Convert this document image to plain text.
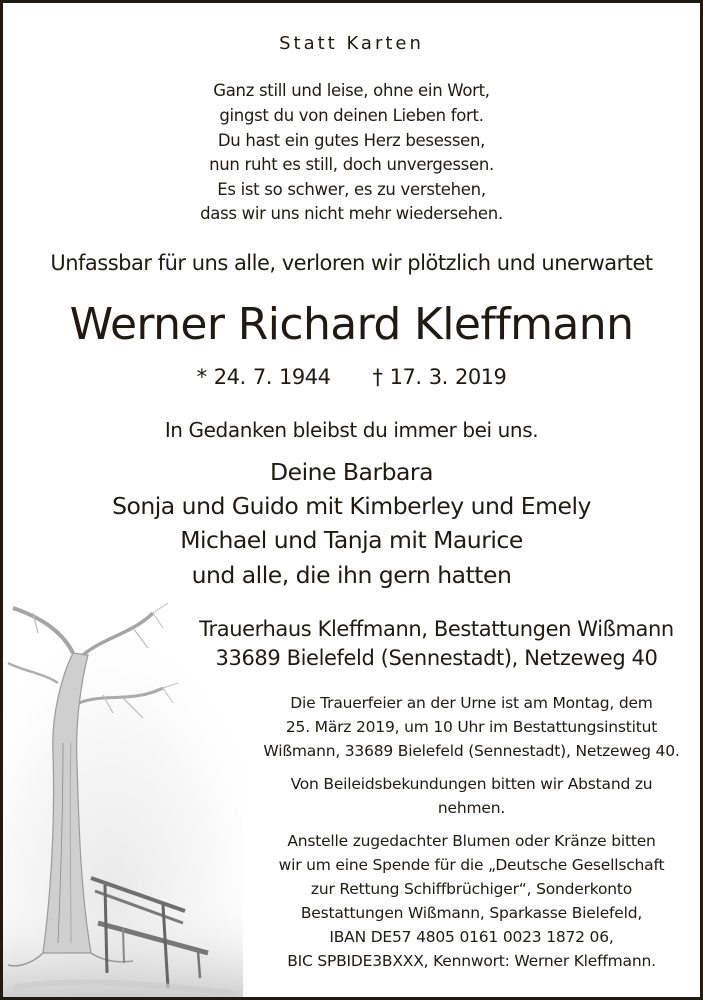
Statt Karten
Ganz still und leise, ohne ein Wort,
gingst du von deinen Lieben fort.
Du hast ein gutes Herz besessen,
nun ruht es still, doch unvergessen.
Es ist so schwer, es zu verstehen,
dass wir uns nicht mehr wiedersehen.
Unfassbar für uns alle, verloren wir plötzlich und unerwartet
Werner Richard Kleffmann
* 24. 7. 1944 † 17. 3. 2019
In Gedanken bleibst du immer bei uns.
Deine Barbara
Sonja und Guido mit Kimberley und Emely
Michael und Tanja mit Maurice
und alle, die ihn gern hatten
Trauerhaus Kleffmann, Bestattungen Wißmann
33689 Bielefeld (Sennestadt), Netzeweg 40
Die Trauerfeier an der Urne ist am Montag, dem
25. März 2019, um 10 Uhr im Bestattungsinstitut
Wißmann, 33689 Bielefeld (Sennestadt), Netzeweg 40.
Von Beileidsbekundungen bitten wir Abstand zu
nehmen.
Anstelle zugedachter Blumen oder Kränze bitten
wir um eine Spende für die „Deutsche Gesellschaft
zur Rettung Schiffbrüchiger“, Sonderkonto
Bestattungen Wißmann, Sparkasse Bielefeld,
IBAN DE57 4805 0161 0023 1872 06,
BIC SPBIDE3BXXX, Kennwort: Werner Kleffmann.
